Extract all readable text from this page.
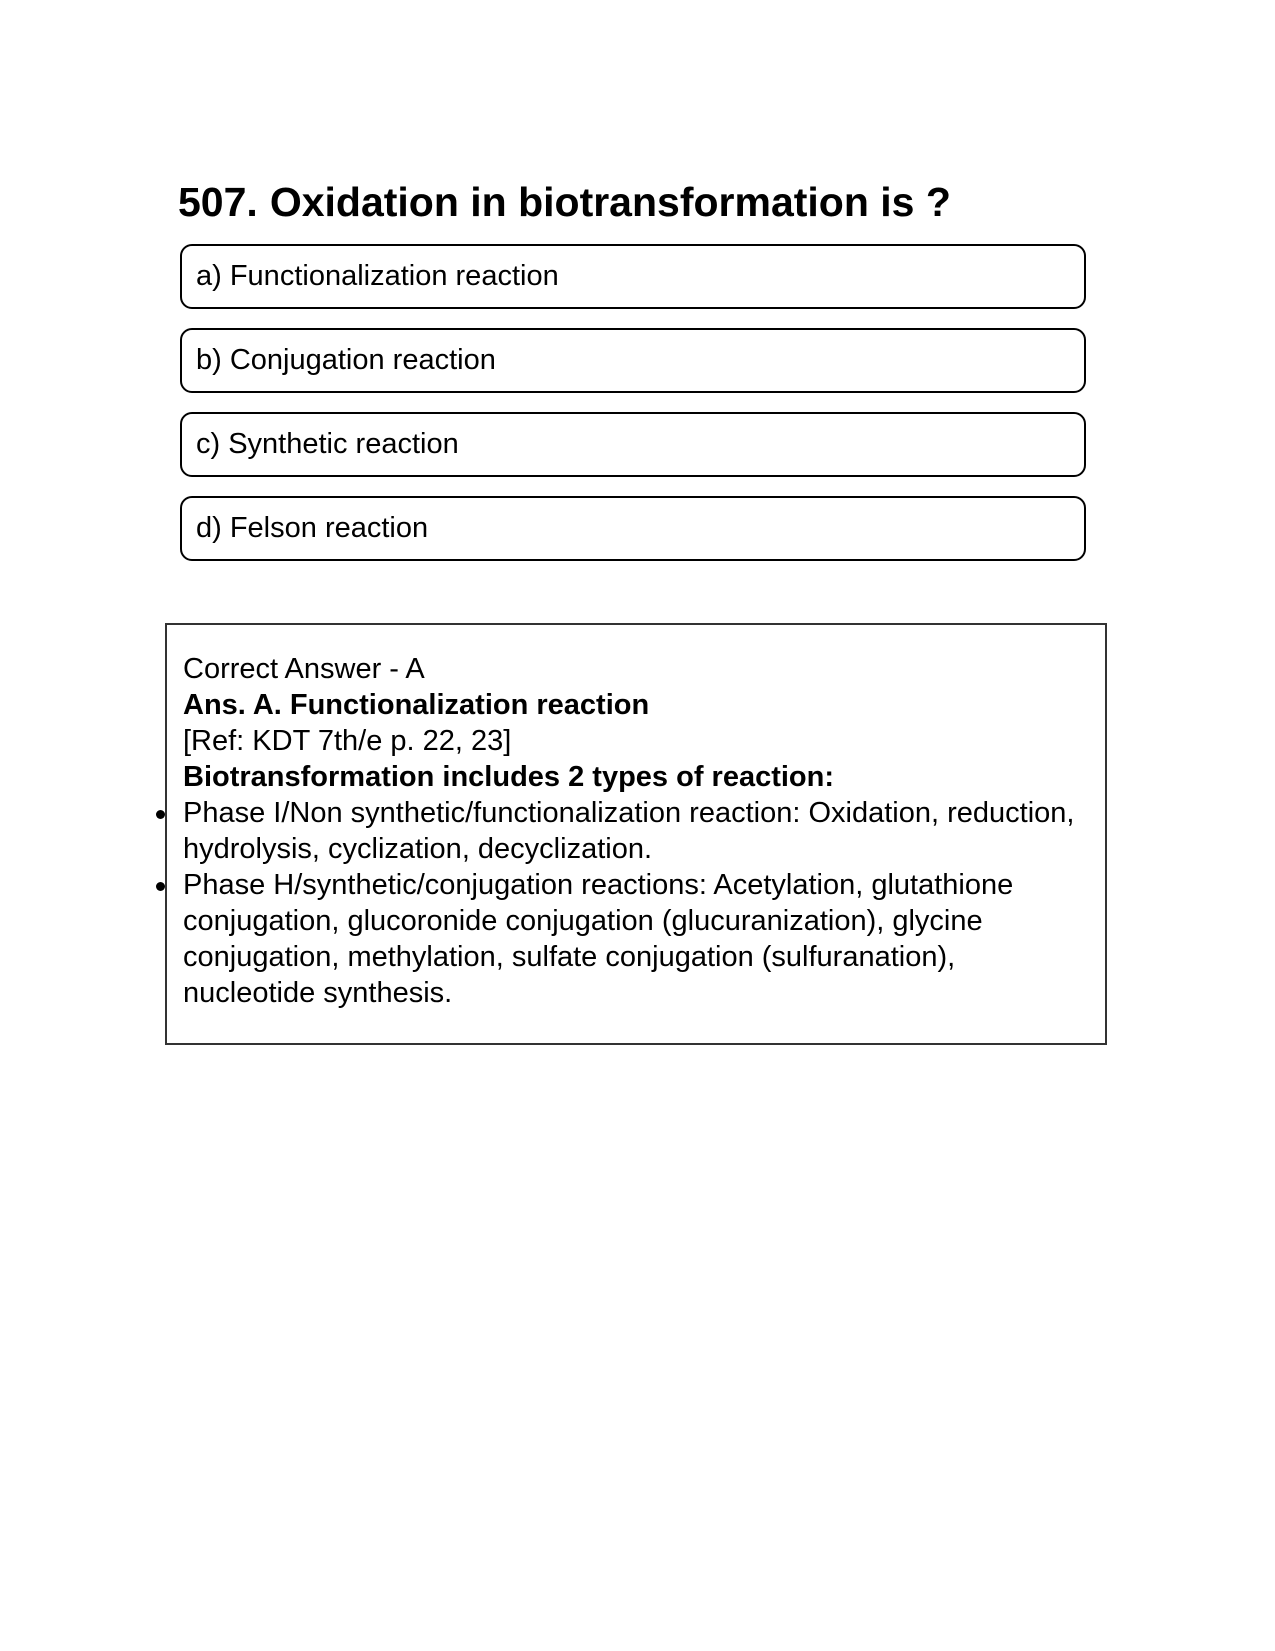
507. Oxidation in biotransformation is ?
a) Functionalization reaction
b) Conjugation reaction
c) Synthetic reaction
d) Felson reaction

Correct Answer - A

Ans. A. Functionalization reaction

[Ref: KDT 7th/e p. 22, 23]

Biotransformation includes 2 types of reaction:

Phase I/Non synthetic/functionalization reaction: Oxidation, reduction, hydrolysis, cyclization, decyclization.
Phase H/synthetic/conjugation reactions: Acetylation, glutathione conjugation, glucoronide conjugation (glucuranization), glycine conjugation, methylation, sulfate conjugation (sulfuranation), nucleotide synthesis.
